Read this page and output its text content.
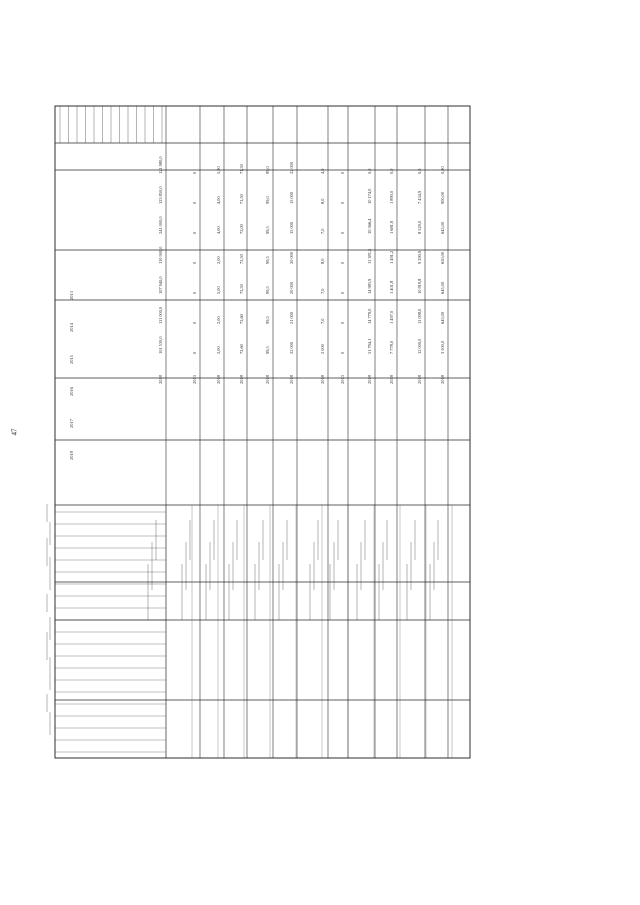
47
2013
2014
2015
2016
2017
2018
121 980,0
123 850,0
241 000,0
110 900,0
107 940,0
111 000,0
101 530,0
2018
0
0
0
0
0
0
0
2013
5,00
4,00
4,00
2,00
5,00
2,00
2,00
2018
71,50
71,50
72,00
72,50
72,50
72,60
72,60
2018
99,0
99,0
99,5
99,5
99,5
99,5
99,5
2018
22 000
15 000
15 000
20 000
20 000
21 000
22 000
2018
4,0
8,0
7,0
8,0
7,0
7,0
2 000
2018
0
0
0
0
0
0
0
2013
0,0
10 174,0
10 366,4
11 381,5
14 981,9
14 779,0
51 794,1
2018
0,0
1 890,0
1 681,9
1 491,2
1 401,8
1 497,0
7 778,0
2018
0,0
7 434,9
8 529,0
9 290,9
10 819,8
11 098,0
12 000,0
2018
0,00
900,00
645,00
650,00
645,00
645,00
3 500,0
2018
